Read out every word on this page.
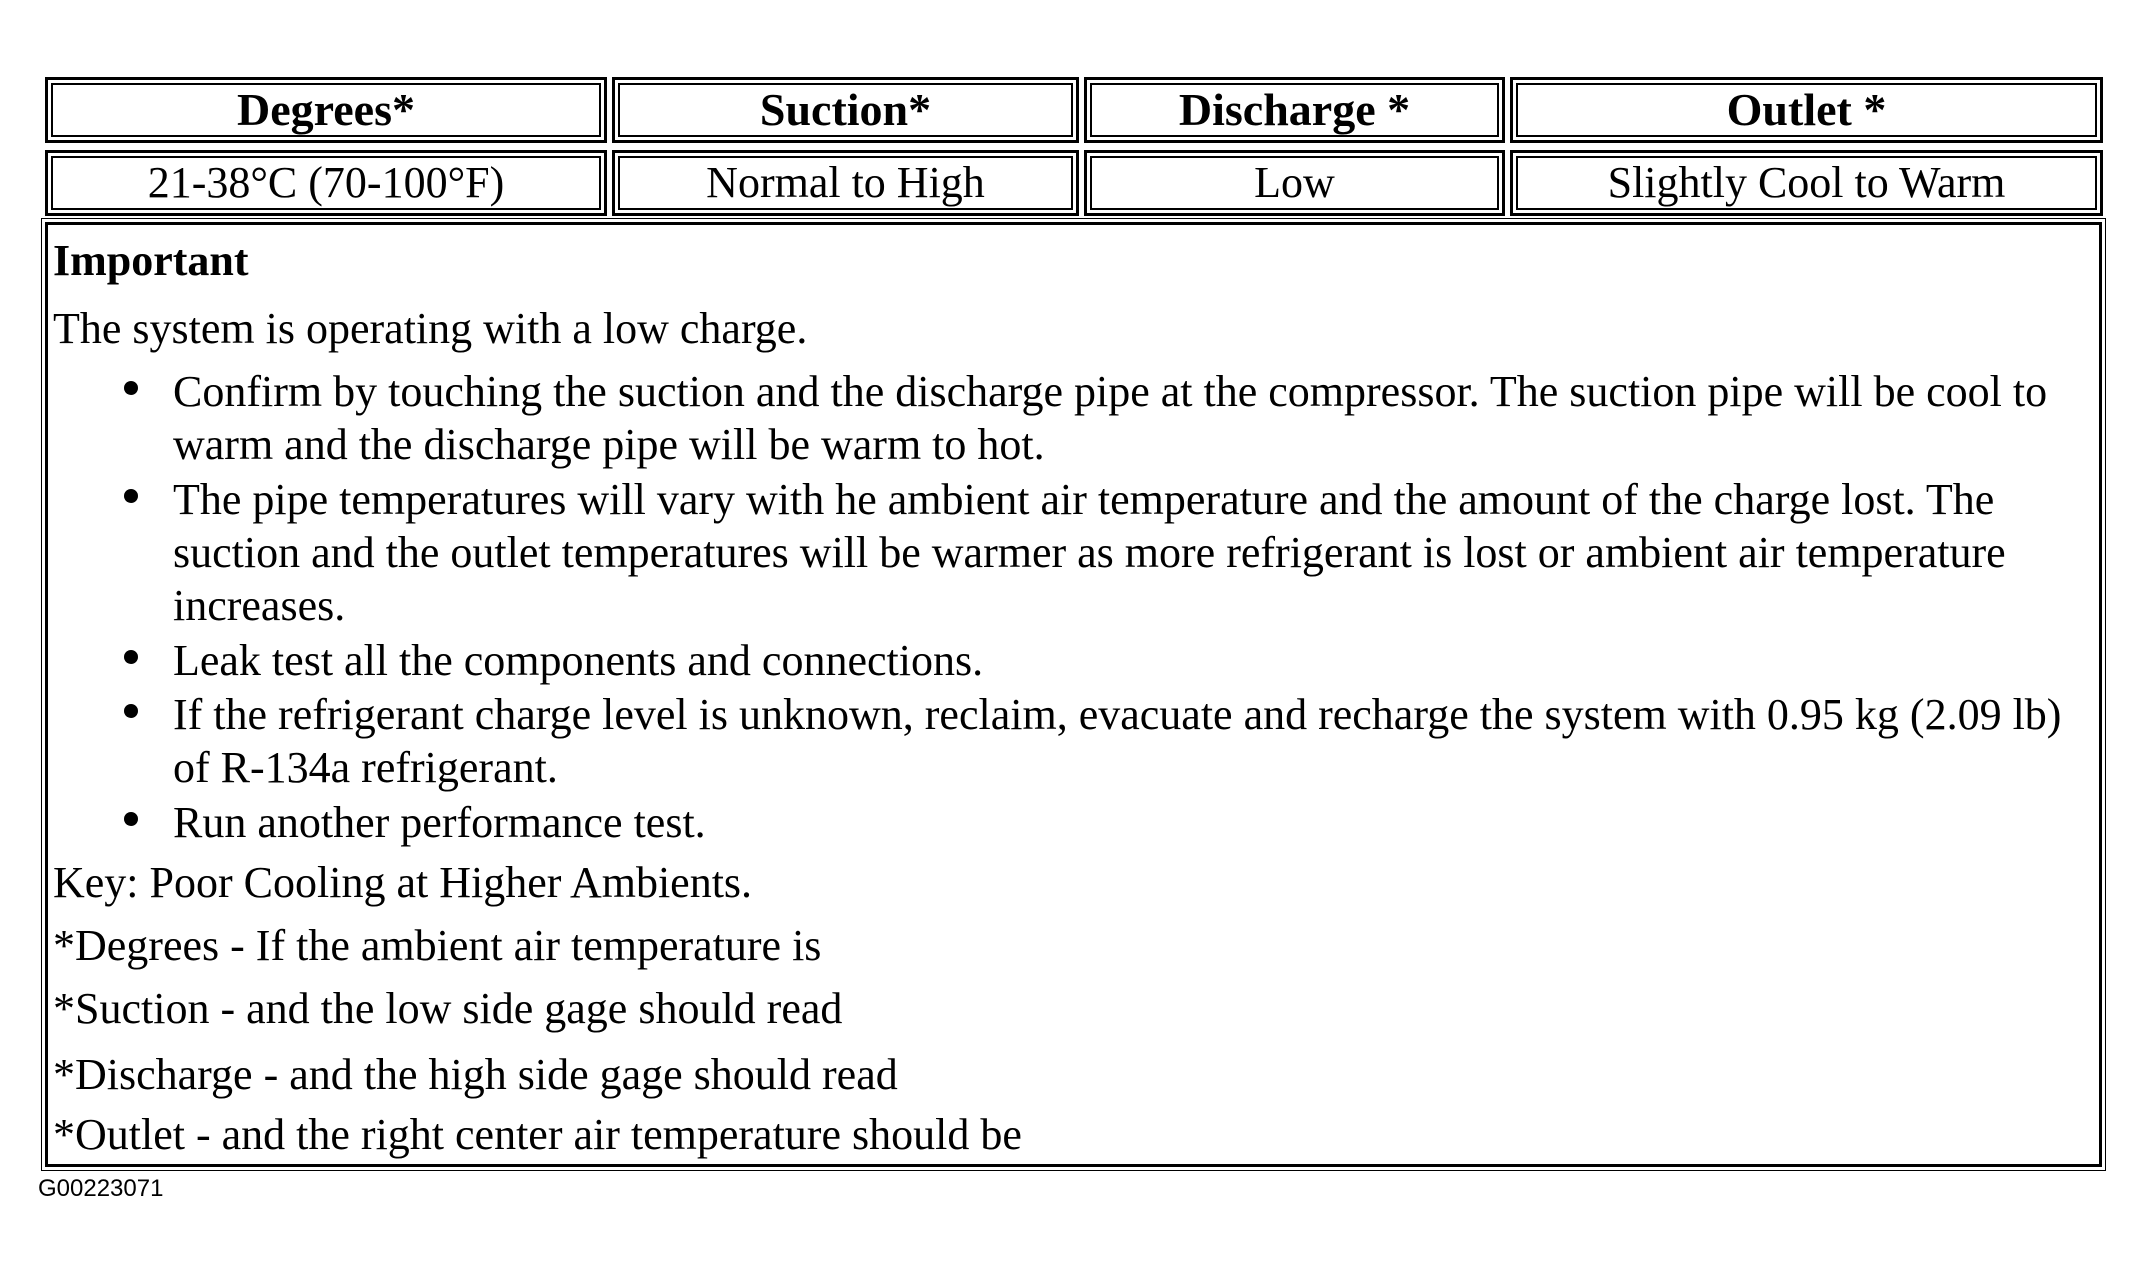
Degrees*	Suction*	Discharge *	Outlet *
21-38°C (70-100°F)	Normal to High	Low	Slightly Cool to Warm
Important
The system is operating with a low charge.
Confirm by touching the suction and the discharge pipe at the compressor. The suction pipe will be cool to warm and the discharge pipe will be warm to hot.
The pipe temperatures will vary with he ambient air temperature and the amount of the charge lost. The suction and the outlet temperatures will be warmer as more refrigerant is lost or ambient air temperature increases.
Leak test all the components and connections.
If the refrigerant charge level is unknown, reclaim, evacuate and recharge the system with 0.95 kg (2.09 lb) of R-134a refrigerant.
Run another performance test.
Key: Poor Cooling at Higher Ambients.
*Degrees - If the ambient air temperature is
*Suction - and the low side gage should read
*Discharge - and the high side gage should read
*Outlet - and the right center air temperature should be
G00223071
